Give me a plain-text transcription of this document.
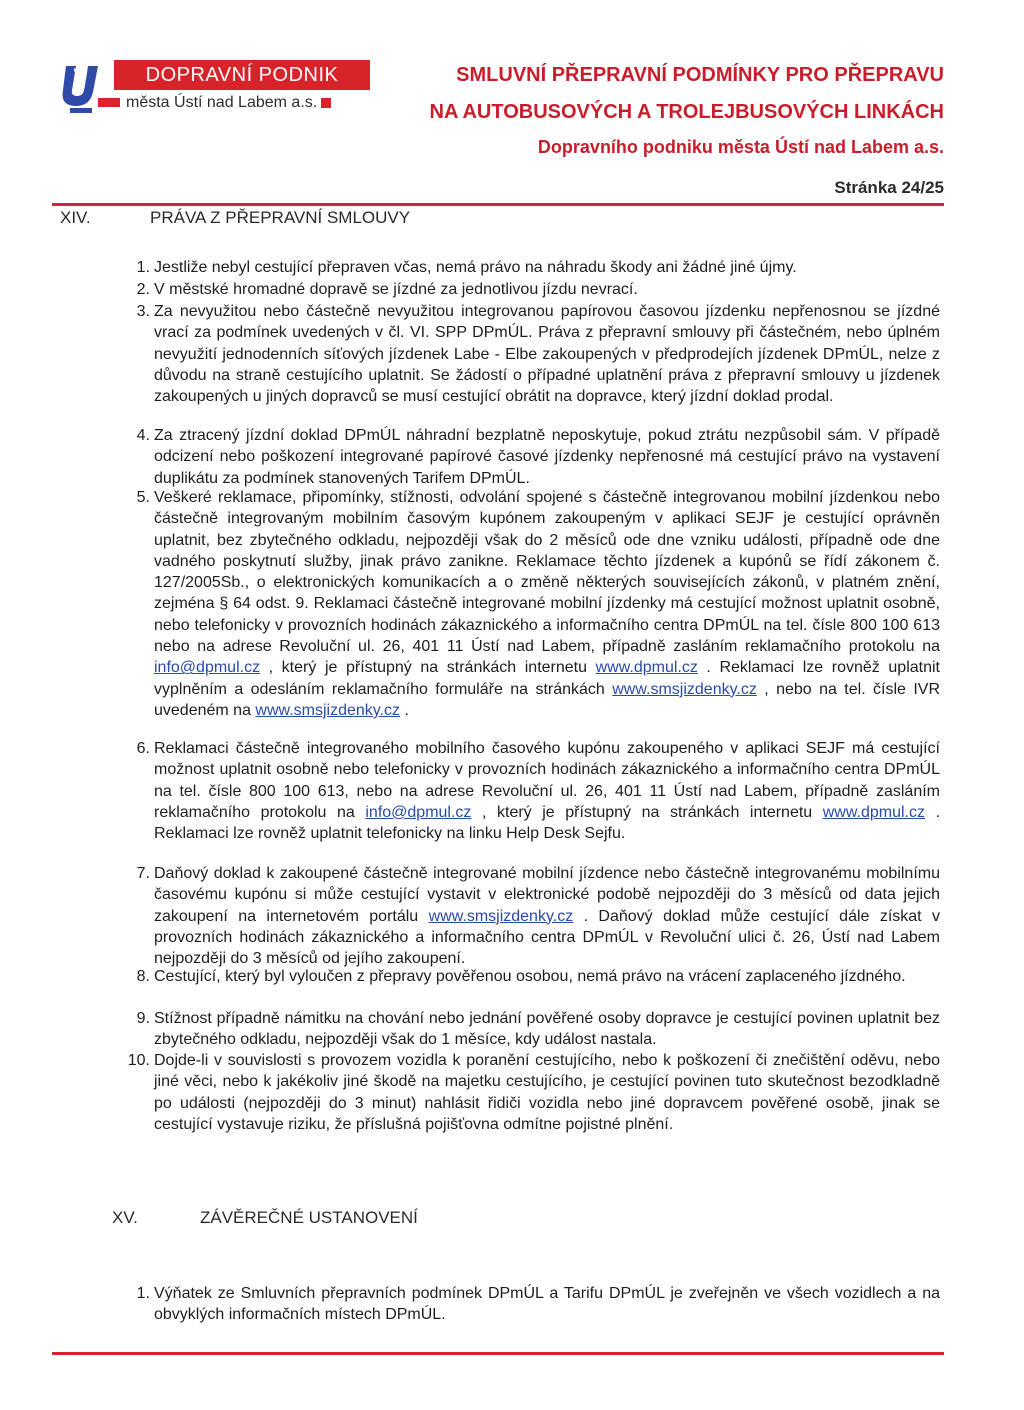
DOPRAVNÍ PODNIK
města Ústí nad Labem a.s.
SMLUVNÍ PŘEPRAVNÍ PODMÍNKY PRO PŘEPRAVU
NA AUTOBUSOVÝCH A TROLEJBUSOVÝCH LINKÁCH
Dopravního podniku města Ústí nad Labem a.s.
Stránka 24/25
XIV.	PRÁVA Z PŘEPRAVNÍ SMLOUVY
1. Jestliže nebyl cestující přepraven včas, nemá právo na náhradu škody ani žádné jiné újmy.

2. V městské hromadné dopravě se jízdné za jednotlivou jízdu nevrací.

3. Za nevyužitou nebo částečně nevyužitou integrovanou papírovou časovou jízdenku nepřenosnou se jízdné vrací za podmínek uvedených v čl. VI. SPP DPmÚL. Práva z přepravní smlouvy při částečném, nebo úplném nevyužití jednodenních síťových jízdenek Labe - Elbe zakoupených v předprodejích jízdenek DPmÚL, nelze z důvodu na straně cestujícího uplatnit. Se žádostí o případné uplatnění práva z přepravní smlouvy u jízdenek zakoupených u jiných dopravců se musí cestující obrátit na dopravce, který jízdní doklad prodal.

4. Za ztracený jízdní doklad DPmÚL náhradní bezplatně neposkytuje, pokud ztrátu nezpůsobil sám. V případě odcizení nebo poškození integrované papírové časové jízdenky nepřenosné má cestující právo na vystavení duplikátu za podmínek stanovených Tarifem DPmÚL.

5. Veškeré reklamace, připomínky, stížnosti, odvolání spojené s částečně integrovanou mobilní jízdenkou nebo částečně integrovaným mobilním časovým kupónem zakoupeným v aplikaci SEJF je cestující oprávněn uplatnit, bez zbytečného odkladu, nejpozději však do 2 měsíců ode dne vzniku události, případně ode dne vadného poskytnutí služby, jinak právo zanikne. Reklamace těchto jízdenek a kupónů se řídí zákonem č. 127/2005Sb., o elektronických komunikacích a o změně některých souvisejících zákonů, v platném znění, zejména § 64 odst. 9. Reklamaci částečně integrované mobilní jízdenky má cestující možnost uplatnit osobně, nebo telefonicky v provozních hodinách zákaznického a informačního centra DPmÚL na tel. čísle 800 100 613 nebo na adrese Revoluční ul. 26, 401 11 Ústí nad Labem, případně zasláním reklamačního protokolu na info@dpmul.cz , který je přístupný na stránkách internetu www.dpmul.cz . Reklamaci lze rovněž uplatnit vyplněním a odesláním reklamačního formuláře na stránkách www.smsjizdenky.cz , nebo na tel. čísle IVR uvedeném na www.smsjizdenky.cz .

6. Reklamaci částečně integrovaného mobilního časového kupónu zakoupeného v aplikaci SEJF má cestující možnost uplatnit osobně nebo telefonicky v provozních hodinách zákaznického a informačního centra DPmÚL na tel. čísle 800 100 613, nebo na adrese Revoluční ul. 26, 401 11 Ústí nad Labem, případně zasláním reklamačního protokolu na info@dpmul.cz , který je přístupný na stránkách internetu www.dpmul.cz . Reklamaci lze rovněž uplatnit telefonicky na linku Help Desk Sejfu.

7. Daňový doklad k zakoupené částečně integrované mobilní jízdence nebo částečně integrovanému mobilnímu časovému kupónu si může cestující vystavit v elektronické podobě nejpozději do 3 měsíců od data jejich zakoupení na internetovém portálu www.smsjizdenky.cz . Daňový doklad může cestující dále získat v provozních hodinách zákaznického a informačního centra DPmÚL v Revoluční ulici č. 26, Ústí nad Labem nejpozději do 3 měsíců od jejího zakoupení.

8. Cestující, který byl vyloučen z přepravy pověřenou osobou, nemá právo na vrácení zaplaceného jízdného.

9. Stížnost případně námitku na chování nebo jednání pověřené osoby dopravce je cestující povinen uplatnit bez zbytečného odkladu, nejpozději však do 1 měsíce, kdy událost nastala.

10. Dojde-li v souvislosti s provozem vozidla k poranění cestujícího, nebo k poškození či znečištění oděvu, nebo jiné věci, nebo k jakékoliv jiné škodě na majetku cestujícího, je cestující povinen tuto skutečnost bezodkladně po události (nejpozději do 3 minut) nahlásit řidiči vozidla nebo jiné dopravcem pověřené osobě, jinak se cestující vystavuje riziku, že příslušná pojišťovna odmítne pojistné plnění.

XV.	ZÁVĚREČNÉ USTANOVENÍ
1. Výňatek ze Smluvních přepravních podmínek DPmÚL a Tarifu DPmÚL je zveřejněn ve všech vozidlech a na obvyklých informačních místech DPmÚL.
